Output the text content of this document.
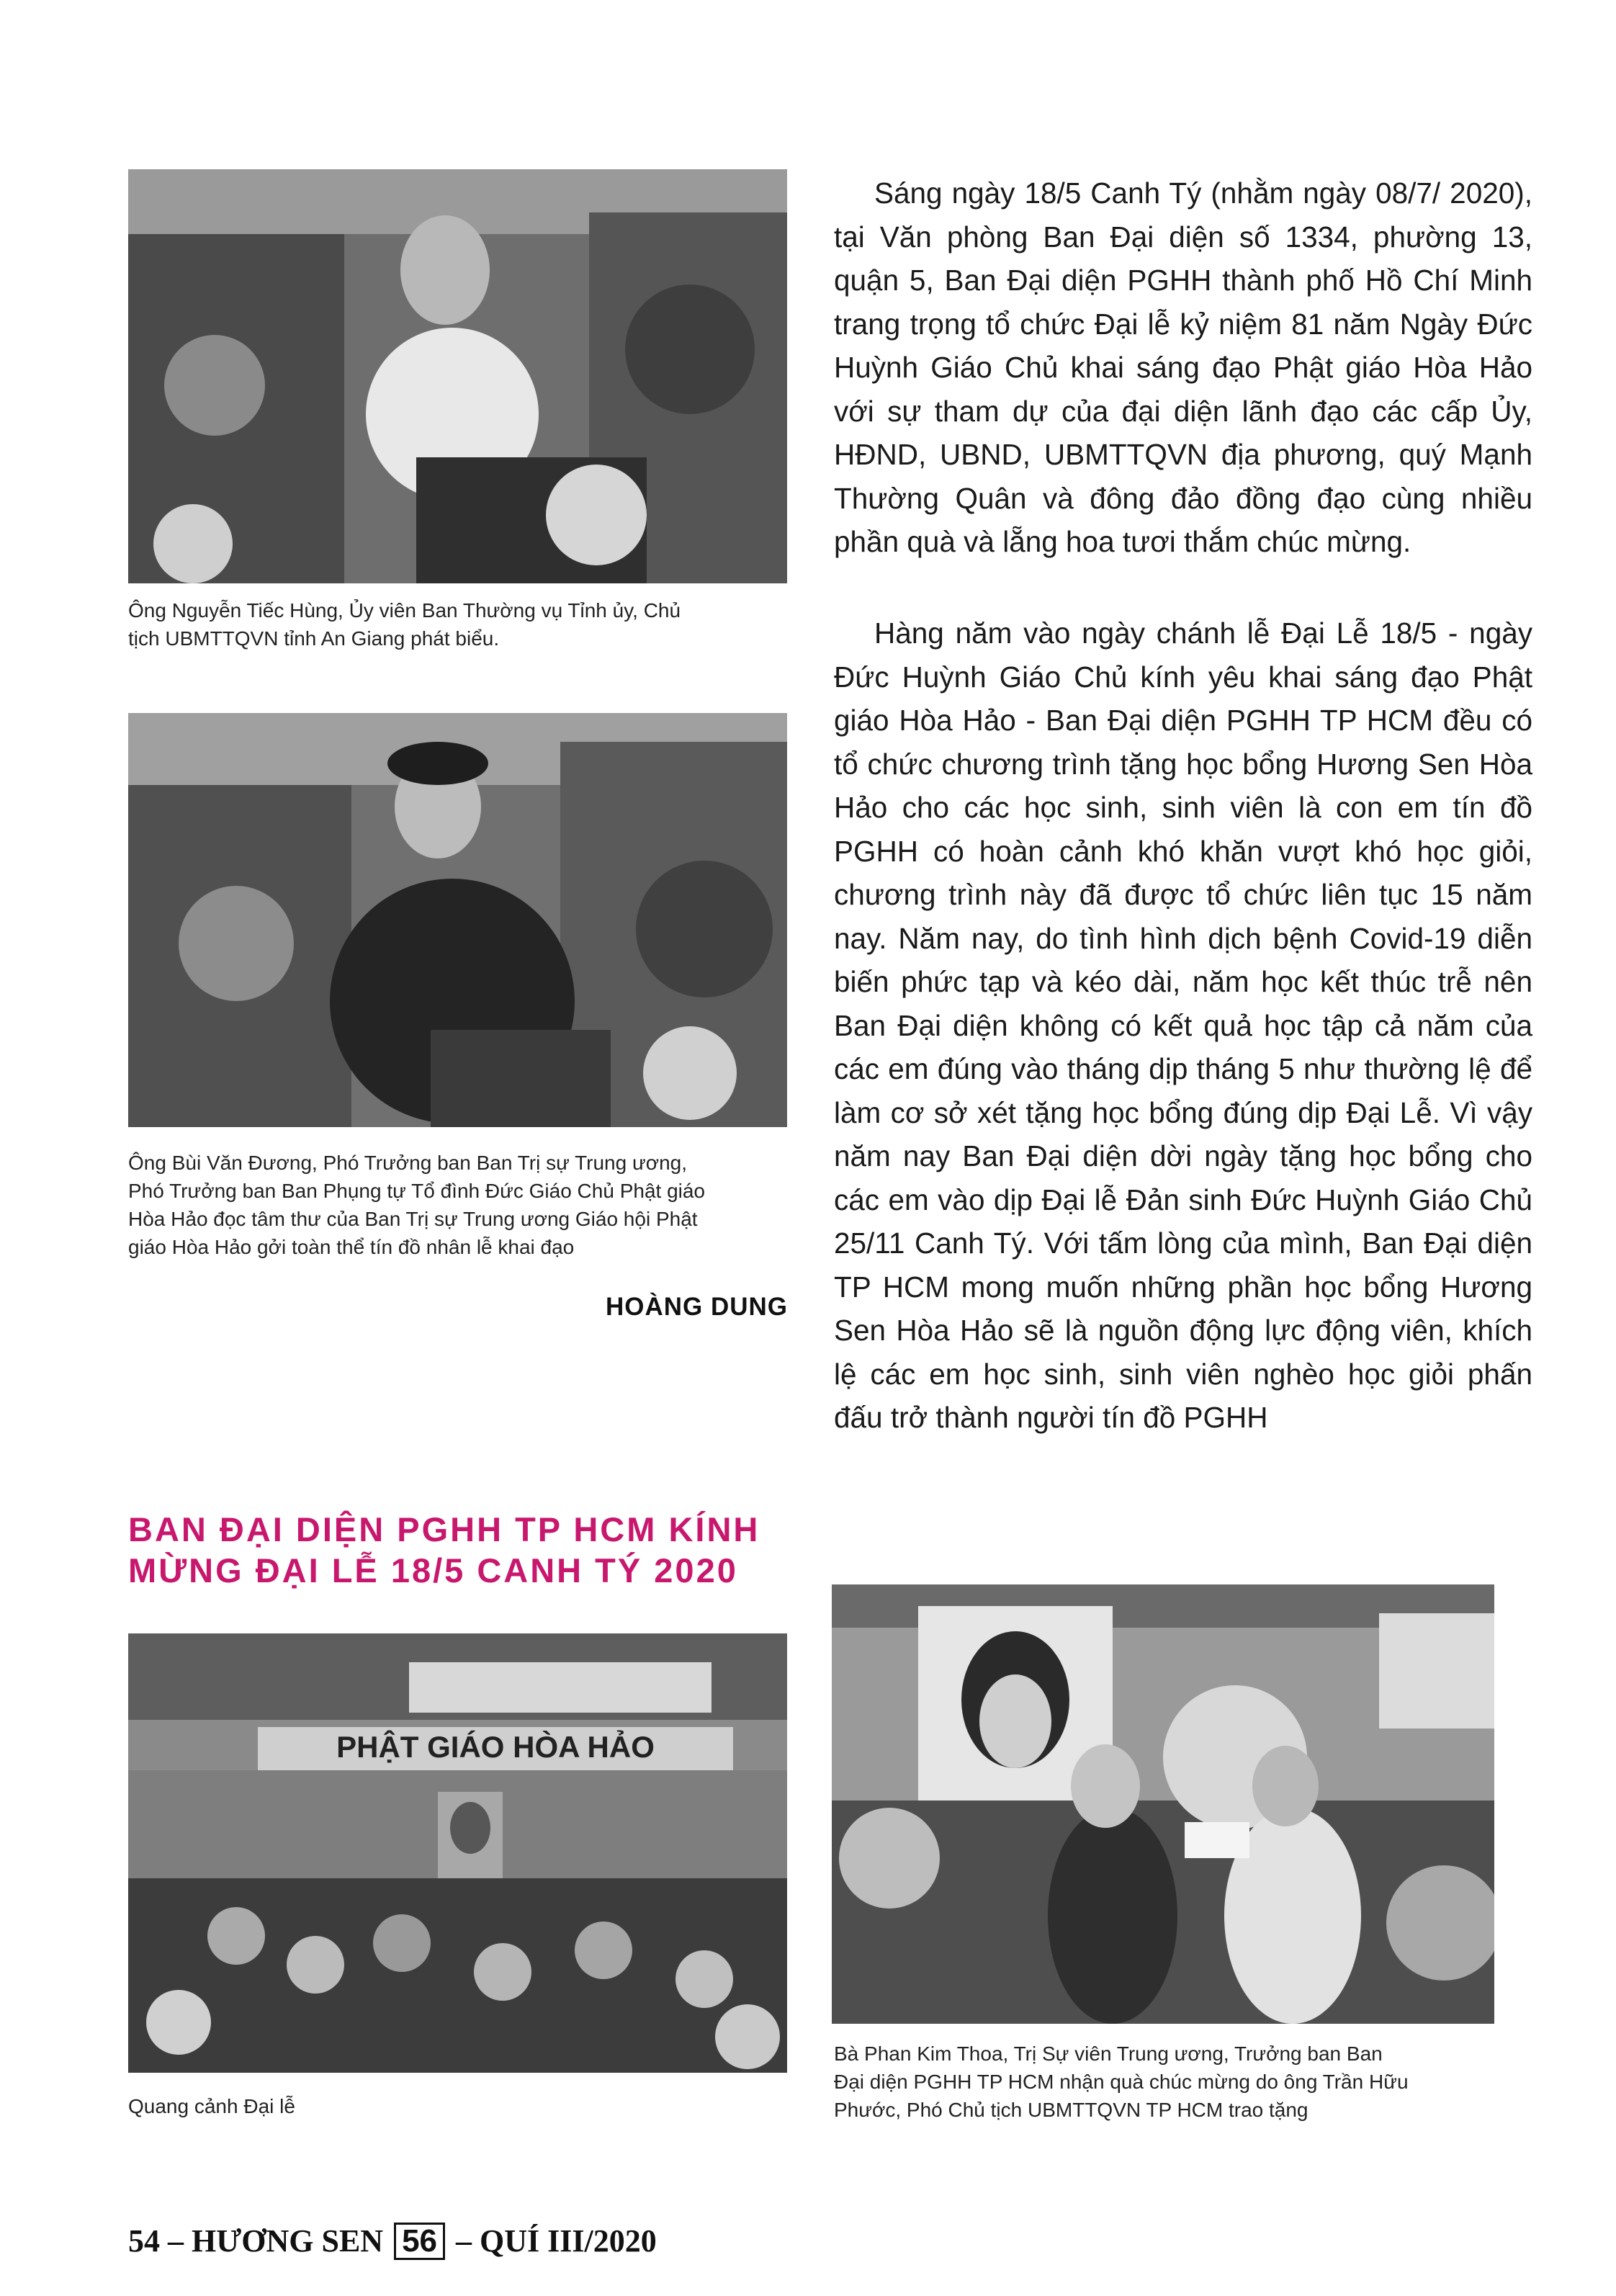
Ông Nguyễn Tiếc Hùng, Ủy viên Ban Thường vụ Tỉnh ủy, Chủ
tịch UBMTTQVN tỉnh An Giang phát biểu.
Ông Bùi Văn Đương, Phó Trưởng ban Ban Trị sự Trung ương,
Phó Trưởng ban Ban Phụng tự Tổ đình Đức Giáo Chủ Phật giáo
Hòa Hảo đọc tâm thư của Ban Trị sự Trung ương Giáo hội Phật
giáo Hòa Hảo gởi toàn thể tín đồ nhân lễ khai đạo
HOÀNG DUNG
BAN ĐẠI DIỆN PGHH TP HCM KÍNH
MỪNG ĐẠI LỄ 18/5 CANH TÝ 2020
PHẬT GIÁO HÒA HẢO
Quang cảnh Đại lễ

Sáng ngày 18/5 Canh Tý (nhằm ngày 08/7/ 2020), tại Văn phòng Ban Đại diện số 1334, phường 13, quận 5, Ban Đại diện PGHH thành phố Hồ Chí Minh trang trọng tổ chức Đại lễ kỷ niệm 81 năm Ngày Đức Huỳnh Giáo Chủ khai sáng đạo Phật giáo Hòa Hảo với sự tham dự của đại diện lãnh đạo các cấp Ủy, HĐND, UBND, UBMTTQVN địa phương, quý Mạnh Thường Quân và đông đảo đồng đạo cùng nhiều phần quà và lẵng hoa tươi thắm chúc mừng.

Hàng năm vào ngày chánh lễ Đại Lễ 18/5 - ngày Đức Huỳnh Giáo Chủ kính yêu khai sáng đạo Phật giáo Hòa Hảo - Ban Đại diện PGHH TP HCM đều có tổ chức chương trình tặng học bổng Hương Sen Hòa Hảo cho các học sinh, sinh viên là con em tín đồ PGHH có hoàn cảnh khó khăn vượt khó học giỏi, chương trình này đã được tổ chức liên tục 15 năm nay. Năm nay, do tình hình dịch bệnh Covid-19 diễn biến phức tạp và kéo dài, năm học kết thúc trễ nên Ban Đại diện không có kết quả học tập cả năm của các em đúng vào tháng dịp tháng 5 như thường lệ để làm cơ sở xét tặng học bổng đúng dịp Đại Lễ. Vì vậy năm nay Ban Đại diện dời ngày tặng học bổng cho các em vào dịp Đại lễ Đản sinh Đức Huỳnh Giáo Chủ 25/11 Canh Tý. Với tấm lòng của mình, Ban Đại diện TP HCM mong muốn những phần học bổng Hương Sen Hòa Hảo sẽ là nguồn động lực động viên, khích lệ các em học sinh, sinh viên nghèo học giỏi phấn đấu trở thành người tín đồ PGHH

Bà Phan Kim Thoa, Trị Sự viên Trung ương, Trưởng ban Ban
Đại diện PGHH TP HCM nhận quà chúc mừng do ông Trần Hữu
Phước, Phó Chủ tịch UBMTTQVN TP HCM trao tặng
54 – HƯƠNG SEN 56 – QUÍ III/2020
